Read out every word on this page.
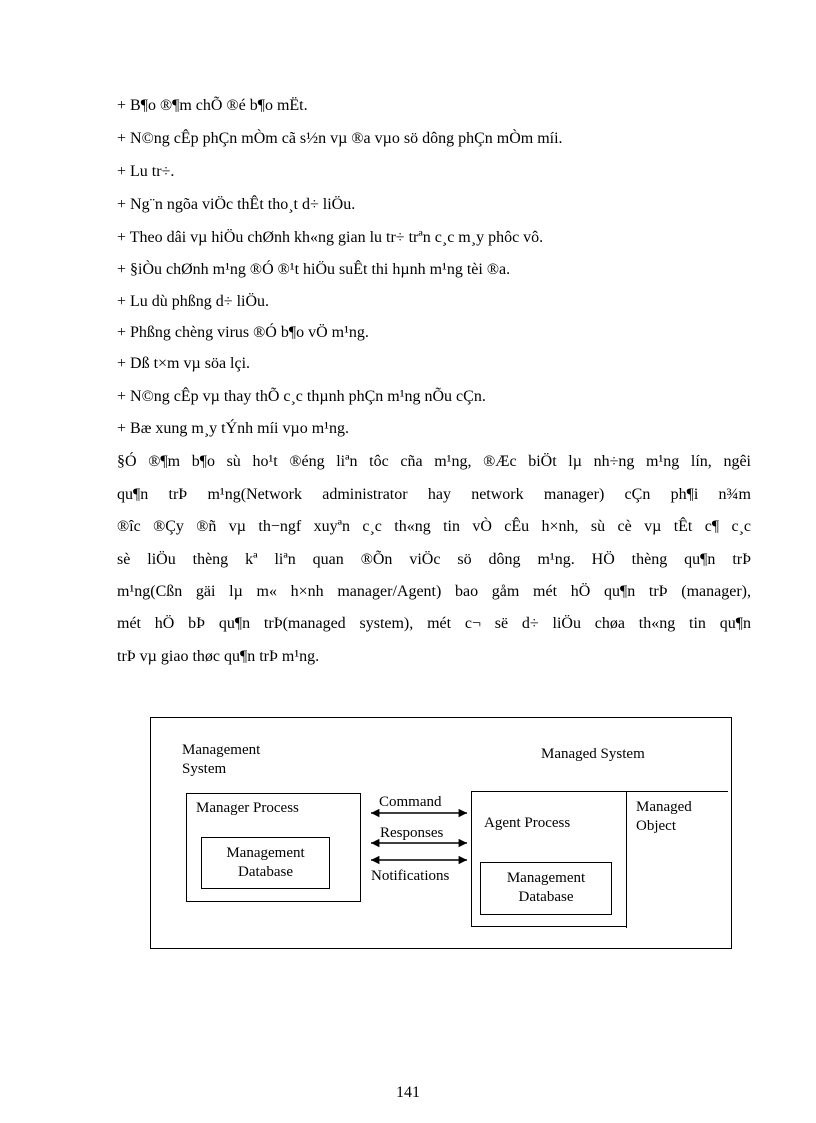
+ B¶o ®¶m chÕ ®é b¶o mËt.
+ N©ng cÊp phÇn mÒm cã s½n vµ ®a vµo sö dông phÇn mÒm míi.
+ Lu tr÷.
+ Ng¨n ngõa viÖc thÊt tho¸t d÷ liÖu.
+ Theo dâi vµ hiÖu chØnh kh«ng gian lu tr÷ trªn c¸c m¸y phôc vô.
+ §iÒu chØnh m¹ng ®Ó ®¹t hiÖu suÊt thi hµnh m¹ng tèi ®a.
+ Lu dù phßng d÷ liÖu.
+ Phßng chèng virus ®Ó b¶o vÖ m¹ng.
+ Dß t×m vµ söa lçi.
+ N©ng cÊp vµ thay thÕ c¸c thµnh phÇn m¹ng nÕu cÇn.
+ Bæ xung m¸y tÝnh míi vµo m¹ng.
§Ó ®¶m b¶o sù ho¹t ®éng liªn tôc cña m¹ng, ®Æc biÖt lµ nh÷ng m¹ng lín, ngêi
qu¶n trÞ m¹ng(Network administrator hay network manager) cÇn ph¶i n¾m
®îc ®Çy ®ñ vµ th−ngf xuyªn c¸c th«ng tin vÒ cÊu h×nh, sù cè vµ tÊt c¶ c¸c
sè liÖu thèng kª liªn quan ®Õn viÖc sö dông m¹ng. HÖ thèng qu¶n trÞ
m¹ng(Cßn gäi lµ m« h×nh manager/Agent) bao gåm mét hÖ qu¶n trÞ (manager),
mét hÖ bÞ qu¶n trÞ(managed system), mét c¬ së d÷ liÖu chøa th«ng tin qu¶n
trÞ vµ giao thøc qu¶n trÞ m¹ng.
Management System
Managed System
Manager Process
Management Database
Command
Responses
Notifications
Agent Process
Management Database
Managed Object
141
